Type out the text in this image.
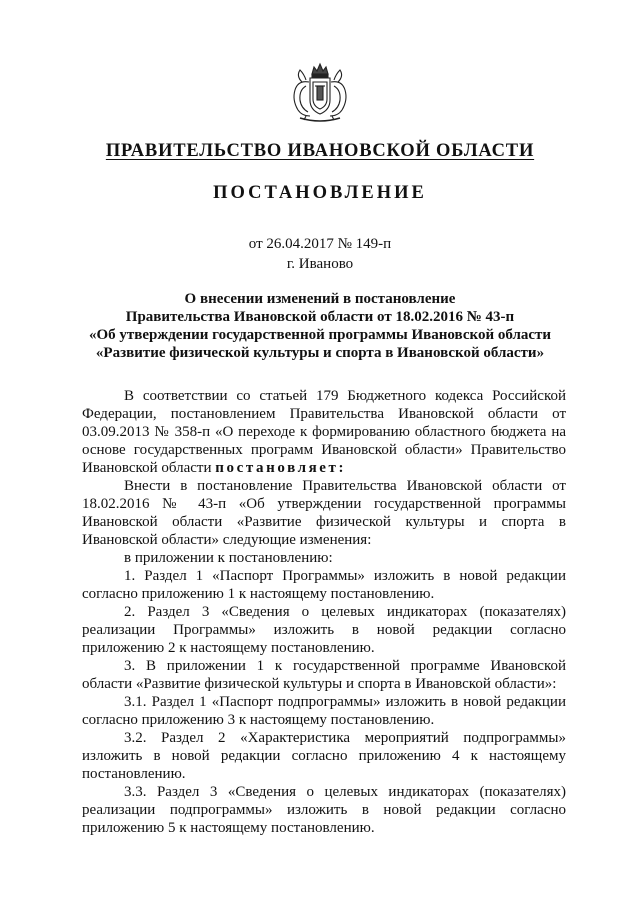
ПРАВИТЕЛЬСТВО ИВАНОВСКОЙ ОБЛАСТИ
ПОСТАНОВЛЕНИЕ
от 26.04.2017 № 149-п
г. Иваново
О внесении изменений в постановление
Правительства Ивановской области от 18.02.2016 № 43-п
«Об утверждении государственной программы Ивановской области
«Развитие физической культуры и спорта в Ивановской области»

В соответствии со статьей 179 Бюджетного кодекса Российской Федерации, постановлением Правительства Ивановской области от 03.09.2013 № 358-п «О переходе к формированию областного бюджета на основе государственных программ Ивановской области» Правительство Ивановской области постановляет:

Внести в постановление Правительства Ивановской области от 18.02.2016 № 43-п «Об утверждении государственной программы Ивановской области «Развитие физической культуры и спорта в Ивановской области» следующие изменения:

в приложении к постановлению:

1. Раздел 1 «Паспорт Программы» изложить в новой редакции согласно приложению 1 к настоящему постановлению.

2. Раздел 3 «Сведения о целевых индикаторах (показателях) реализации Программы» изложить в новой редакции согласно приложению 2 к настоящему постановлению.

3. В приложении 1 к государственной программе Ивановской области «Развитие физической культуры и спорта в Ивановской области»:

3.1. Раздел 1 «Паспорт подпрограммы» изложить в новой редакции согласно приложению 3 к настоящему постановлению.

3.2. Раздел 2 «Характеристика мероприятий подпрограммы» изложить в новой редакции согласно приложению 4 к настоящему постановлению.

3.3. Раздел 3 «Сведения о целевых индикаторах (показателях) реализации подпрограммы» изложить в новой редакции согласно приложению 5 к настоящему постановлению.
